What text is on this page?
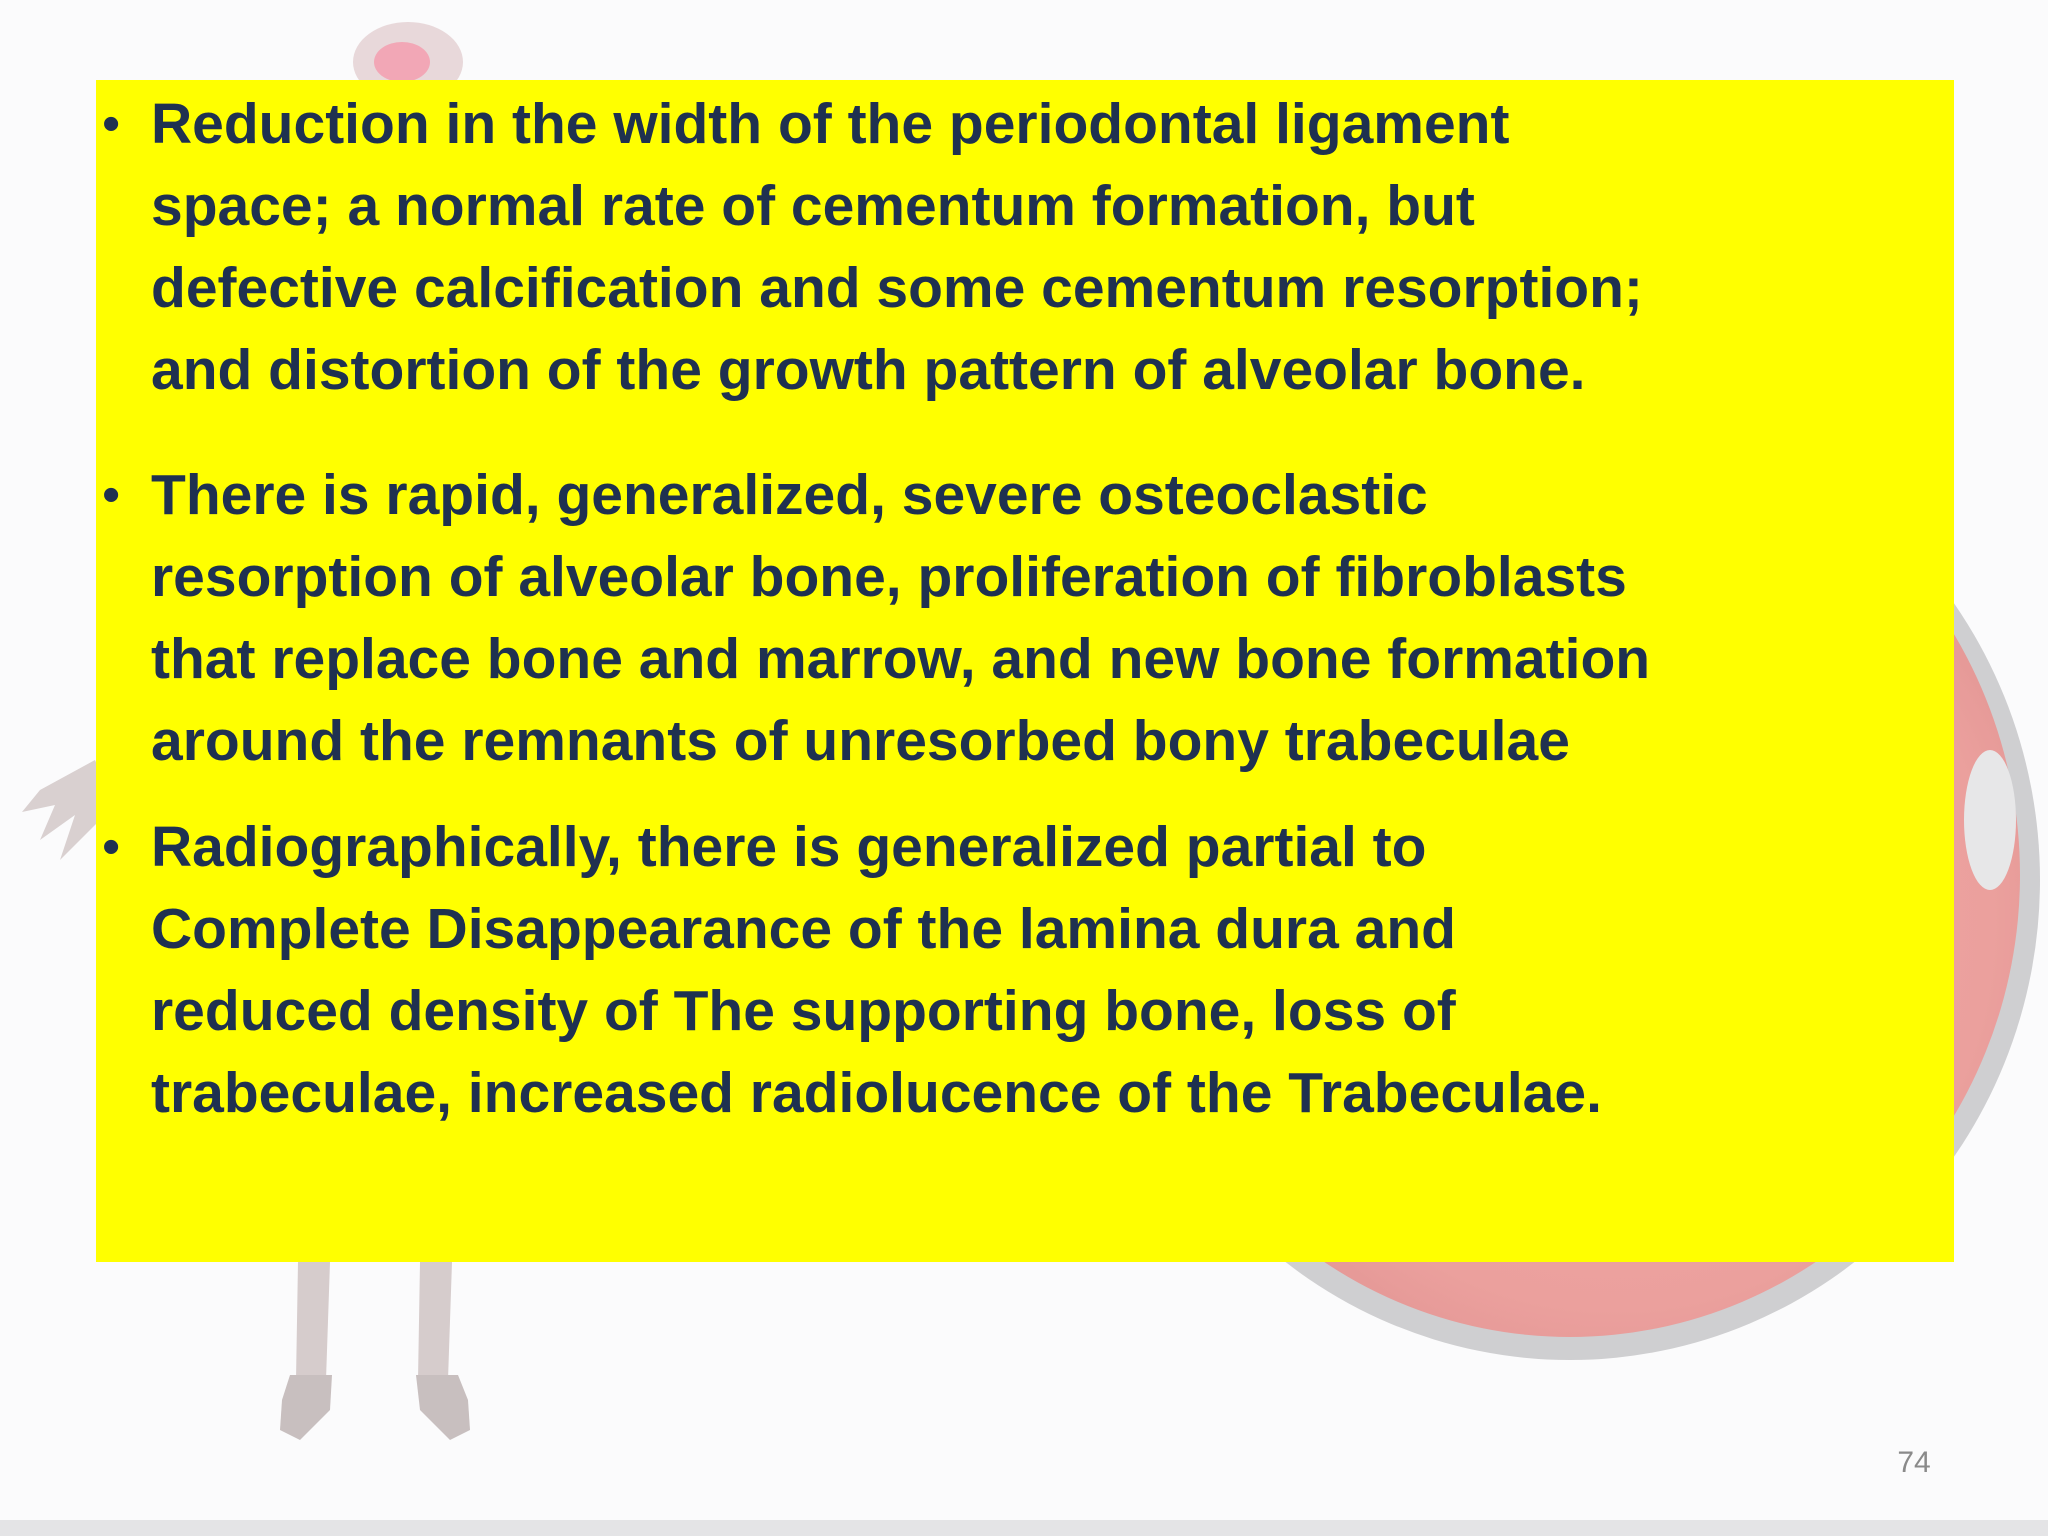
• Reduction in the width of the periodontal ligament
space; a normal rate of cementum formation, but
defective calcification and some cementum resorption;
and distortion of the growth pattern of alveolar bone.
• There is rapid, generalized, severe osteoclastic
resorption of alveolar bone, proliferation of fibroblasts
that replace bone and marrow, and new bone formation
around the remnants of unresorbed bony trabeculae
• Radiographically, there is generalized partial to
Complete Disappearance of the lamina dura and
reduced density of The supporting bone, loss of
trabeculae, increased radiolucence of the Trabeculae.
74
